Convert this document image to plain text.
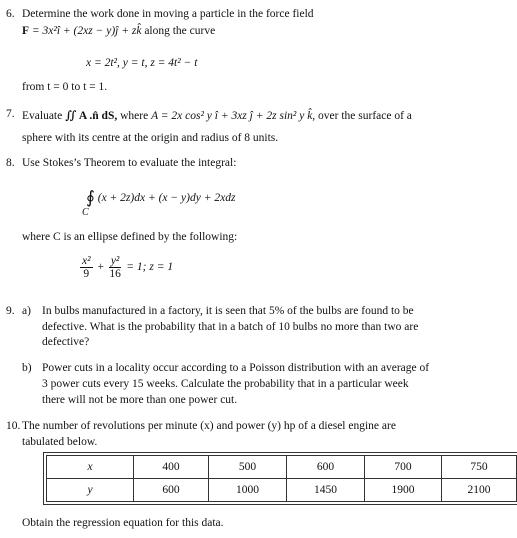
6. Determine the work done in moving a particle in the force field
F = 3x²î + (2xz − y)ĵ + zk̂ along the curve
x = 2t², y = t, z = 4t² − t
from t = 0 to t = 1.
7. Evaluate ∬ A .n̂ dS, where A = 2x cos² y î + 3xz ĵ + 2z sin² y k̂, over the surface of a
sphere with its centre at the origin and radius of 8 units.
8. Use Stokes’s Theorem to evaluate the integral:
∮ (x + 2z)dx + (x − y)dy + 2xdz
C
where C is an ellipse defined by the following:
$\frac{\text{x²}}{9} + \frac{\text{y²}}{16} = 1$; z = 1
9. a) In bulbs manufactured in a factory, it is seen that 5% of the bulbs are found to be
defective. What is the probability that in a batch of 10 bulbs no more than two are
defective?
b) Power cuts in a locality occur according to a Poisson distribution with an average of
3 power cuts every 15 weeks. Calculate the probability that in a particular week
there will not be more than one power cut.
10. The number of revolutions per minute (x) and power (y) hp of a diesel engine are
tabulated below.
x	400	500	600	700	750
y	600	1000	1450	1900	2100
Obtain the regression equation for this data.
